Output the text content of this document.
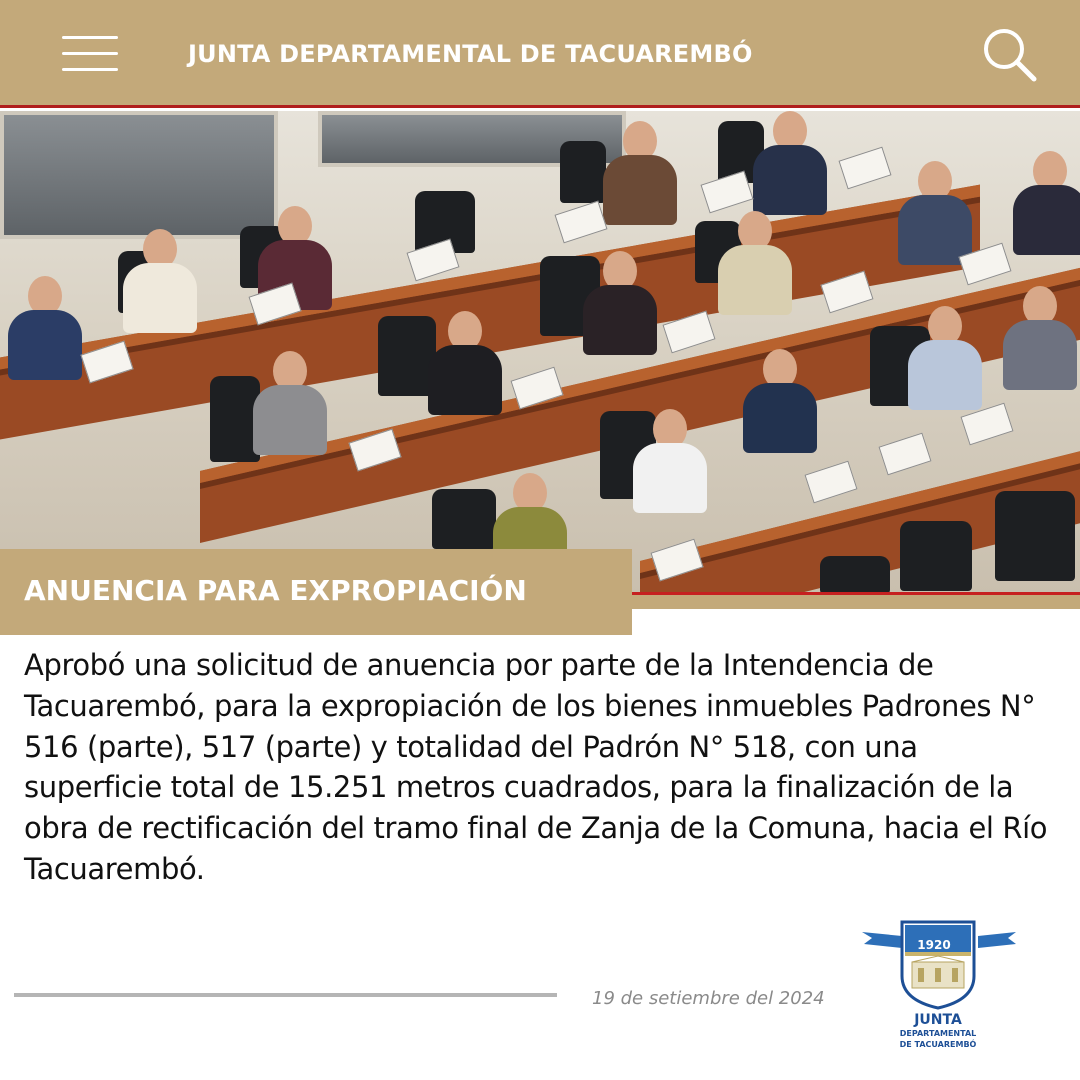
JUNTA DEPARTAMENTAL DE TACUAREMBÓ
ANUENCIA PARA EXPROPIACIÓN

Aprobó una solicitud de anuencia por parte de la Intendencia de Tacuarembó, para la expropiación de los bienes inmuebles Padrones N° 516 (parte), 517 (parte) y totalidad del Padrón N° 518, con una superficie total de 15.251 metros cuadrados, para la finalización de la obra de rectificación del tramo final de Zanja de la Comuna, hacia el Río Tacuarembó.

19 de setiembre del 2024
1920
JUNTA
DEPARTAMENTAL
DE TACUAREMBÓ
